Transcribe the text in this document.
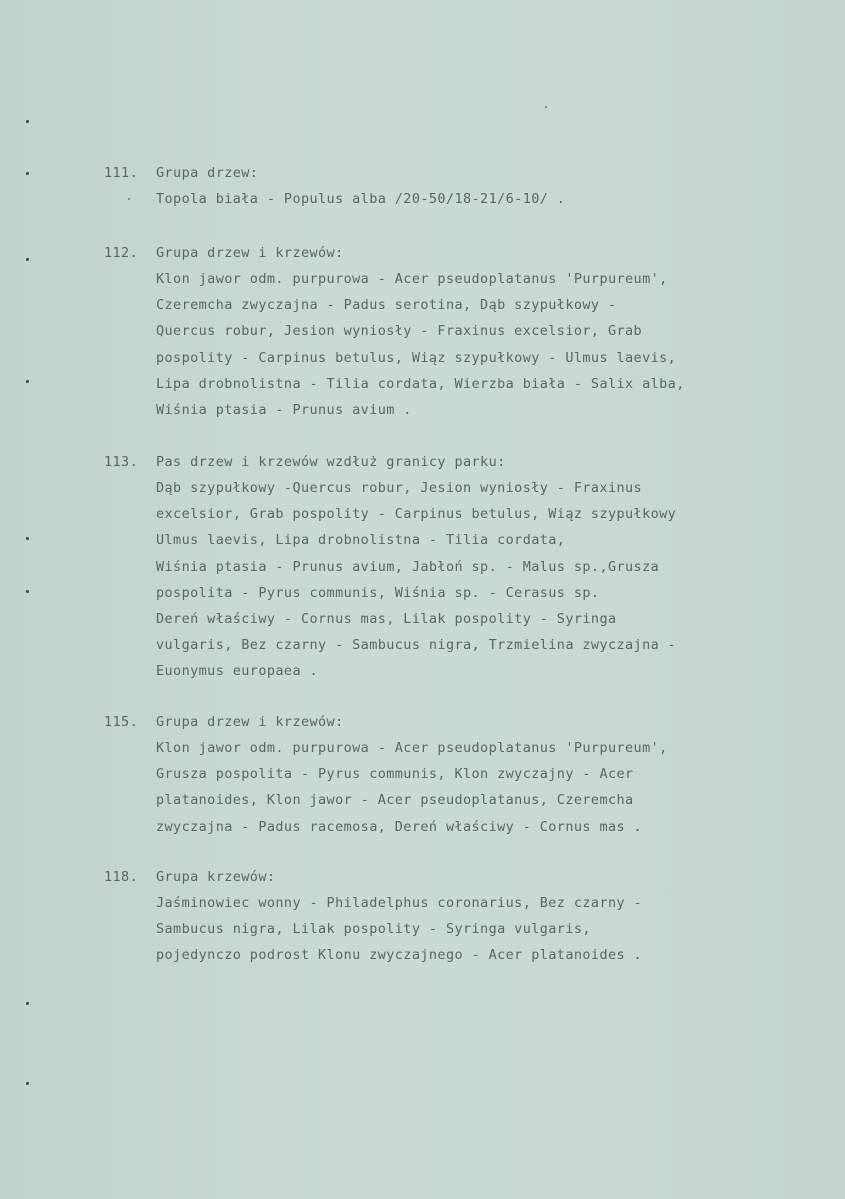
111.	Grupa drzew:
Topola biała - Populus alba /20-50/18-21/6-10/ .
112.	Grupa drzew i krzewów:
Klon jawor odm. purpurowa - Acer pseudoplatanus 'Purpureum',
Czeremcha zwyczajna - Padus serotina, Dąb szypułkowy -
Quercus robur, Jesion wyniosły - Fraxinus excelsior, Grab
pospolity - Carpinus betulus, Wiąz szypułkowy - Ulmus laevis,
Lipa drobnolistna - Tilia cordata, Wierzba biała - Salix alba,
Wiśnia ptasia - Prunus avium .
113.	Pas drzew i krzewów wzdłuż granicy parku:
Dąb szypułkowy -Quercus robur, Jesion wyniosły - Fraxinus
excelsior, Grab pospolity - Carpinus betulus, Wiąz szypułkowy
Ulmus laevis, Lipa drobnolistna - Tilia cordata,
Wiśnia ptasia - Prunus avium, Jabłoń sp. - Malus sp.,Grusza
pospolita - Pyrus communis, Wiśnia sp. - Cerasus sp.
Dereń właściwy - Cornus mas, Lilak pospolity - Syringa
vulgaris, Bez czarny - Sambucus nigra, Trzmielina zwyczajna -
Euonymus europaea .
115.	Grupa drzew i krzewów:
Klon jawor odm. purpurowa - Acer pseudoplatanus 'Purpureum',
Grusza pospolita - Pyrus communis, Klon zwyczajny - Acer
platanoides, Klon jawor - Acer pseudoplatanus, Czeremcha
zwyczajna - Padus racemosa, Dereń właściwy - Cornus mas .
118.	Grupa krzewów:
Jaśminowiec wonny - Philadelphus coronarius, Bez czarny -
Sambucus nigra, Lilak pospolity - Syringa vulgaris,
pojedynczo podrost Klonu zwyczajnego - Acer platanoides .
